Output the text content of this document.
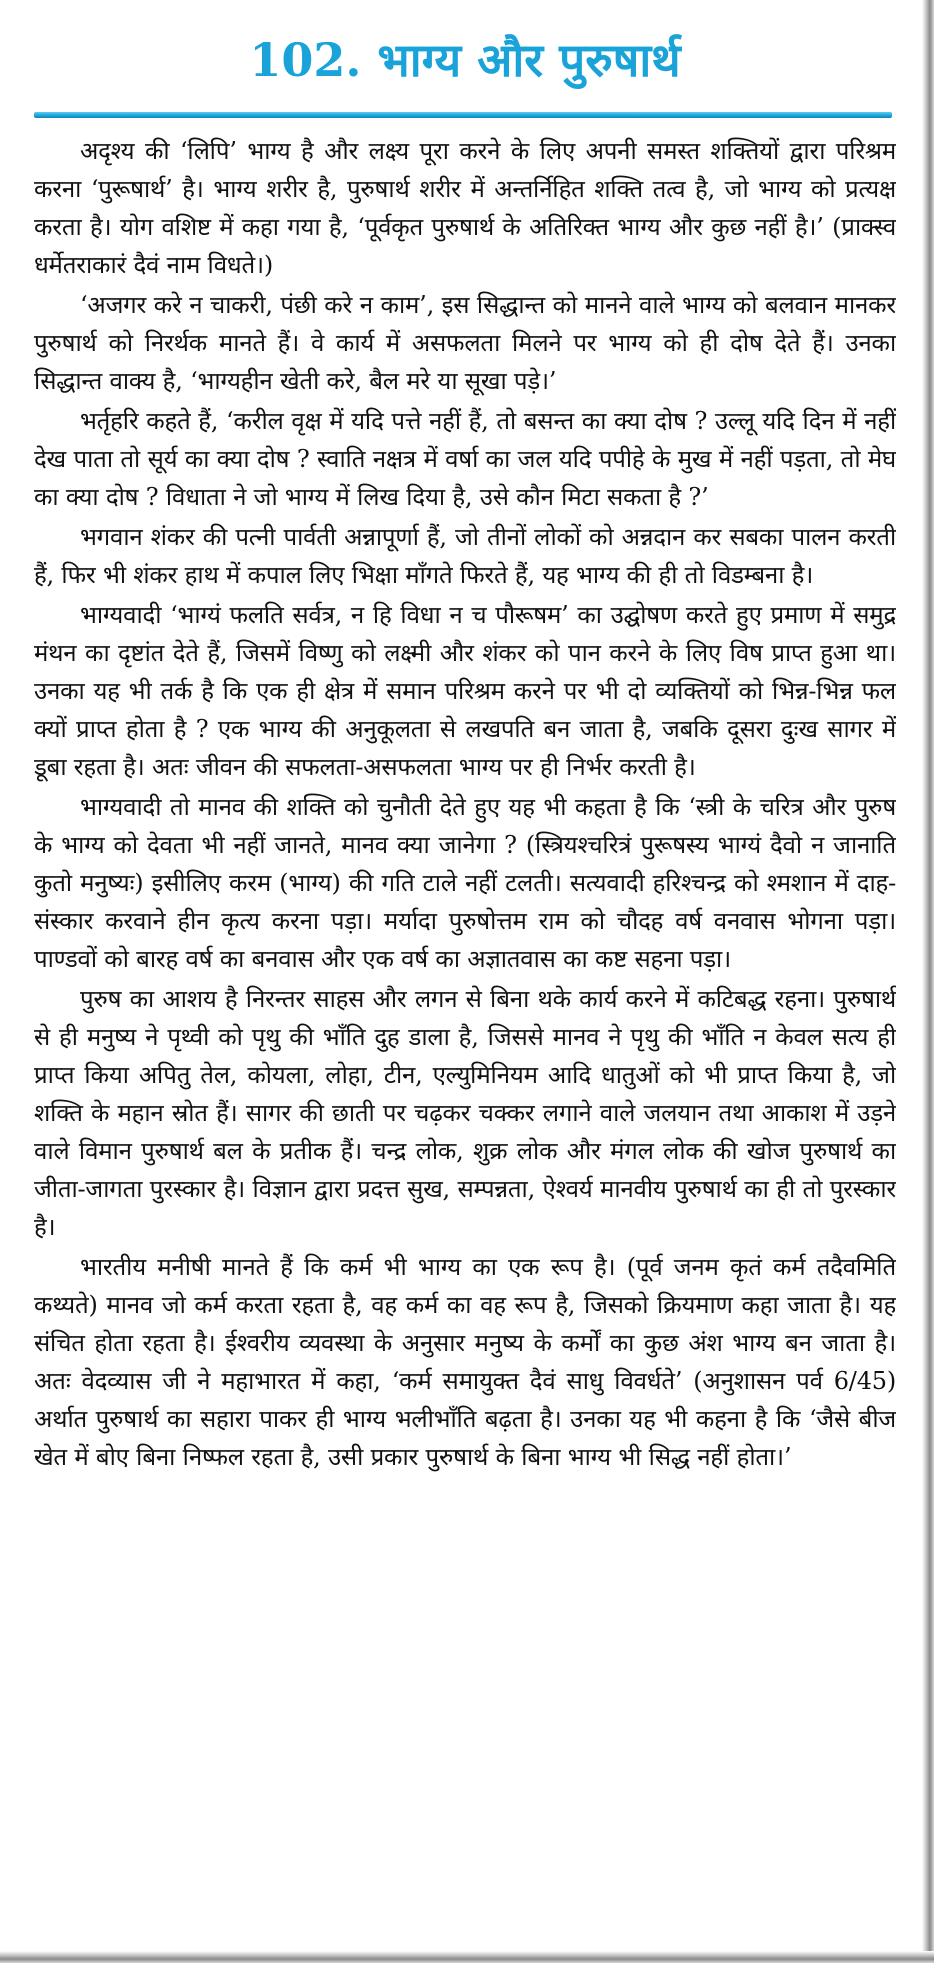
102. भाग्य और पुरुषार्थ

अदृश्य की ‘लिपि’ भाग्य है और लक्ष्य पूरा करने के लिए अपनी समस्त शक्तियों द्वारा परिश्रम करना ‘पुरूषार्थ’ है। भाग्य शरीर है, पुरुषार्थ शरीर में अन्तर्निहित शक्ति तत्व है, जो भाग्य को प्रत्यक्ष करता है। योग वशिष्ट में कहा गया है, ‘पूर्वकृत पुरुषार्थ के अतिरिक्त भाग्य और कुछ नहीं है।’ (प्राक्स्व धर्मेतराकारं दैवं नाम विधते।)

‘अजगर करे न चाकरी, पंछी करे न काम’, इस सिद्धान्त को मानने वाले भाग्य को बलवान मानकर पुरुषार्थ को निरर्थक मानते हैं। वे कार्य में असफलता मिलने पर भाग्य को ही दोष देते हैं। उनका सिद्धान्त वाक्य है, ‘भाग्यहीन खेती करे, बैल मरे या सूखा पड़े।’

भर्तृहरि कहते हैं, ‘करील वृक्ष में यदि पत्ते नहीं हैं, तो बसन्त का क्या दोष ? उल्लू यदि दिन में नहीं देख पाता तो सूर्य का क्या दोष ? स्वाति नक्षत्र में वर्षा का जल यदि पपीहे के मुख में नहीं पड़ता, तो मेघ का क्या दोष ? विधाता ने जो भाग्य में लिख दिया है, उसे कौन मिटा सकता है ?’

भगवान शंकर की पत्नी पार्वती अन्नापूर्णा हैं, जो तीनों लोकों को अन्नदान कर सबका पालन करती हैं, फिर भी शंकर हाथ में कपाल लिए भिक्षा माँगते फिरते हैं, यह भाग्य की ही तो विडम्बना है।

भाग्यवादी ‘भाग्यं फलति सर्वत्र, न हि विधा न च पौरूषम’ का उद्घोषण करते हुए प्रमाण में समुद्र मंथन का दृष्टांत देते हैं, जिसमें विष्णु को लक्ष्मी और शंकर को पान करने के लिए विष प्राप्त हुआ था। उनका यह भी तर्क है कि एक ही क्षेत्र में समान परिश्रम करने पर भी दो व्यक्तियों को भिन्न-भिन्न फल क्यों प्राप्त होता है ? एक भाग्य की अनुकूलता से लखपति बन जाता है, जबकि दूसरा दुःख सागर में डूबा रहता है। अतः जीवन की सफलता-असफलता भाग्य पर ही निर्भर करती है।

भाग्यवादी तो मानव की शक्ति को चुनौती देते हुए यह भी कहता है कि ‘स्त्री के चरित्र और पुरुष के भाग्य को देवता भी नहीं जानते, मानव क्या जानेगा ? (स्त्रियश्चरित्रं पुरूषस्य भाग्यं दैवो न जानाति कुतो मनुष्यः) इसीलिए करम (भाग्य) की गति टाले नहीं टलती। सत्यवादी हरिश्चन्द्र को श्मशान में दाह-संस्कार करवाने हीन कृत्य करना पड़ा। मर्यादा पुरुषोत्तम राम को चौदह वर्ष वनवास भोगना पड़ा। पाण्डवों को बारह वर्ष का बनवास और एक वर्ष का अज्ञातवास का कष्ट सहना पड़ा।

पुरुष का आशय है निरन्तर साहस और लगन से बिना थके कार्य करने में कटिबद्ध रहना। पुरुषार्थ से ही मनुष्य ने पृथ्वी को पृथु की भाँति दुह डाला है, जिससे मानव ने पृथु की भाँति न केवल सत्य ही प्राप्त किया अपितु तेल, कोयला, लोहा, टीन, एल्युमिनियम आदि धातुओं को भी प्राप्त किया है, जो शक्ति के महान स्रोत हैं। सागर की छाती पर चढ़कर चक्कर लगाने वाले जलयान तथा आकाश में उड़ने वाले विमान पुरुषार्थ बल के प्रतीक हैं। चन्द्र लोक, शुक्र लोक और मंगल लोक की खोज पुरुषार्थ का जीता-जागता पुरस्कार है। विज्ञान द्वारा प्रदत्त सुख, सम्पन्नता, ऐश्वर्य मानवीय पुरुषार्थ का ही तो पुरस्कार है।

भारतीय मनीषी मानते हैं कि कर्म भी भाग्य का एक रूप है। (पूर्व जनम कृतं कर्म तदैवमिति कथ्यते) मानव जो कर्म करता रहता है, वह कर्म का वह रूप है, जिसको क्रियमाण कहा जाता है। यह संचित होता रहता है। ईश्वरीय व्यवस्था के अनुसार मनुष्य के कर्मों का कुछ अंश भाग्य बन जाता है। अतः वेदव्यास जी ने महाभारत में कहा, ‘कर्म समायुक्त दैवं साधु विवर्धते’ (अनुशासन पर्व 6/45) अर्थात पुरुषार्थ का सहारा पाकर ही भाग्य भलीभाँति बढ़ता है। उनका यह भी कहना है कि ‘जैसे बीज खेत में बोए बिना निष्फल रहता है, उसी प्रकार पुरुषार्थ के बिना भाग्य भी सिद्ध नहीं होता।’
